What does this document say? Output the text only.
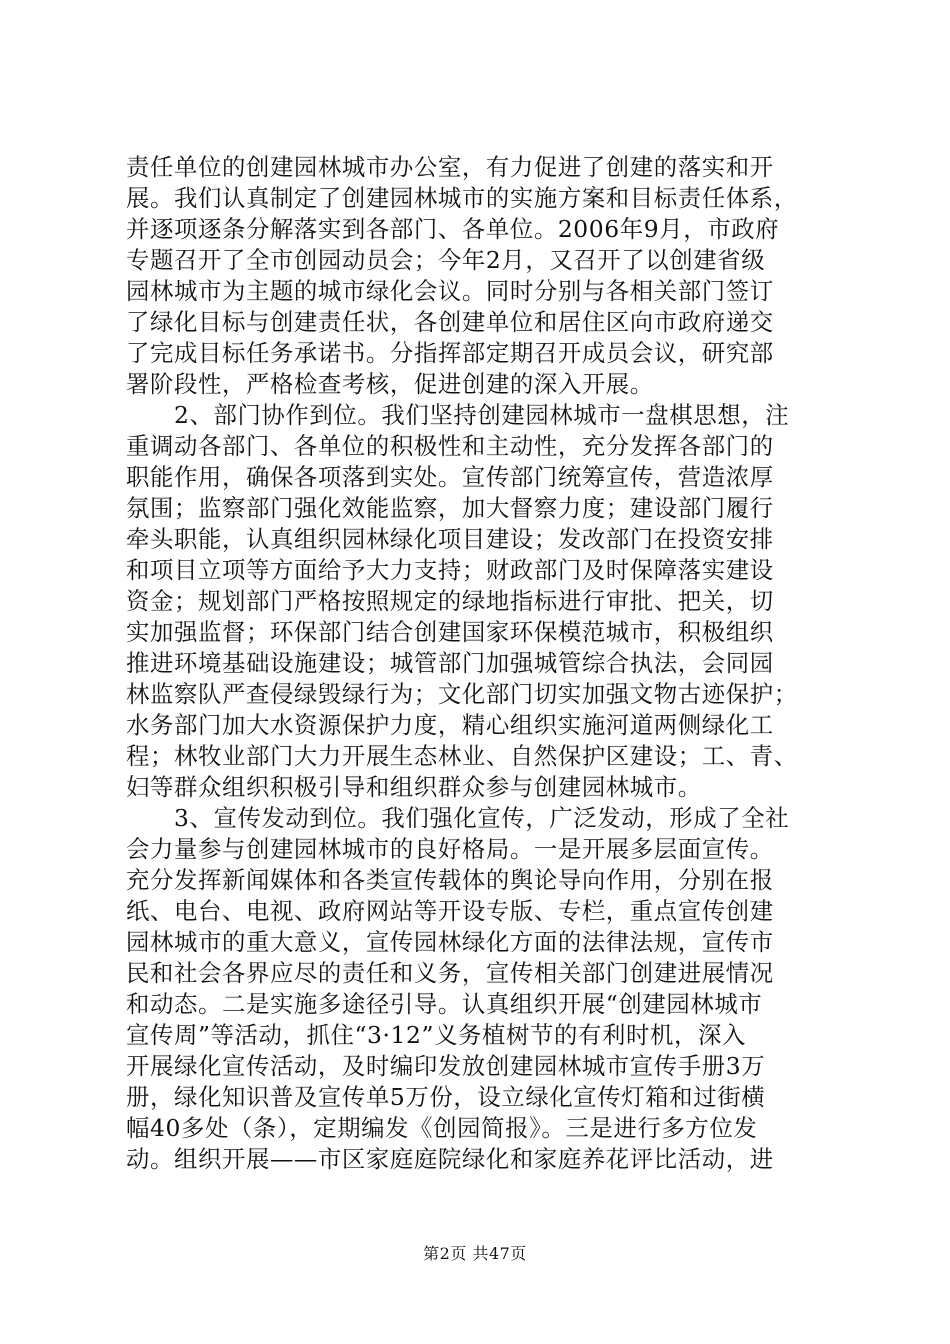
责任单位的创建园林城市办公室，有力促进了创建的落实和开
展。我们认真制定了创建园林城市的实施方案和目标责任体系，
并逐项逐条分解落实到各部门、各单位。2006年9月，市政府
专题召开了全市创园动员会；今年2月，又召开了以创建省级
园林城市为主题的城市绿化会议。同时分别与各相关部门签订
了绿化目标与创建责任状，各创建单位和居住区向市政府递交
了完成目标任务承诺书。分指挥部定期召开成员会议，研究部
署阶段性，严格检查考核，促进创建的深入开展。
　　2、部门协作到位。我们坚持创建园林城市一盘棋思想，注
重调动各部门、各单位的积极性和主动性，充分发挥各部门的
职能作用，确保各项落到实处。宣传部门统筹宣传，营造浓厚
氛围；监察部门强化效能监察，加大督察力度；建设部门履行
牵头职能，认真组织园林绿化项目建设；发改部门在投资安排
和项目立项等方面给予大力支持；财政部门及时保障落实建设
资金；规划部门严格按照规定的绿地指标进行审批、把关，切
实加强监督；环保部门结合创建国家环保模范城市，积极组织
推进环境基础设施建设；城管部门加强城管综合执法，会同园
林监察队严查侵绿毁绿行为；文化部门切实加强文物古迹保护；
水务部门加大水资源保护力度，精心组织实施河道两侧绿化工
程；林牧业部门大力开展生态林业、自然保护区建设；工、青、
妇等群众组织积极引导和组织群众参与创建园林城市。
　　3、宣传发动到位。我们强化宣传，广泛发动，形成了全社
会力量参与创建园林城市的良好格局。一是开展多层面宣传。
充分发挥新闻媒体和各类宣传载体的舆论导向作用，分别在报
纸、电台、电视、政府网站等开设专版、专栏，重点宣传创建
园林城市的重大意义，宣传园林绿化方面的法律法规，宣传市
民和社会各界应尽的责任和义务，宣传相关部门创建进展情况
和动态。二是实施多途径引导。认真组织开展“创建园林城市
宣传周”等活动，抓住“3·12”义务植树节的有利时机，深入
开展绿化宣传活动，及时编印发放创建园林城市宣传手册3万
册，绿化知识普及宣传单5万份，设立绿化宣传灯箱和过街横
幅40多处（条），定期编发《创园简报》。三是进行多方位发
动。组织开展——市区家庭庭院绿化和家庭养花评比活动，进
第2页 共47页
